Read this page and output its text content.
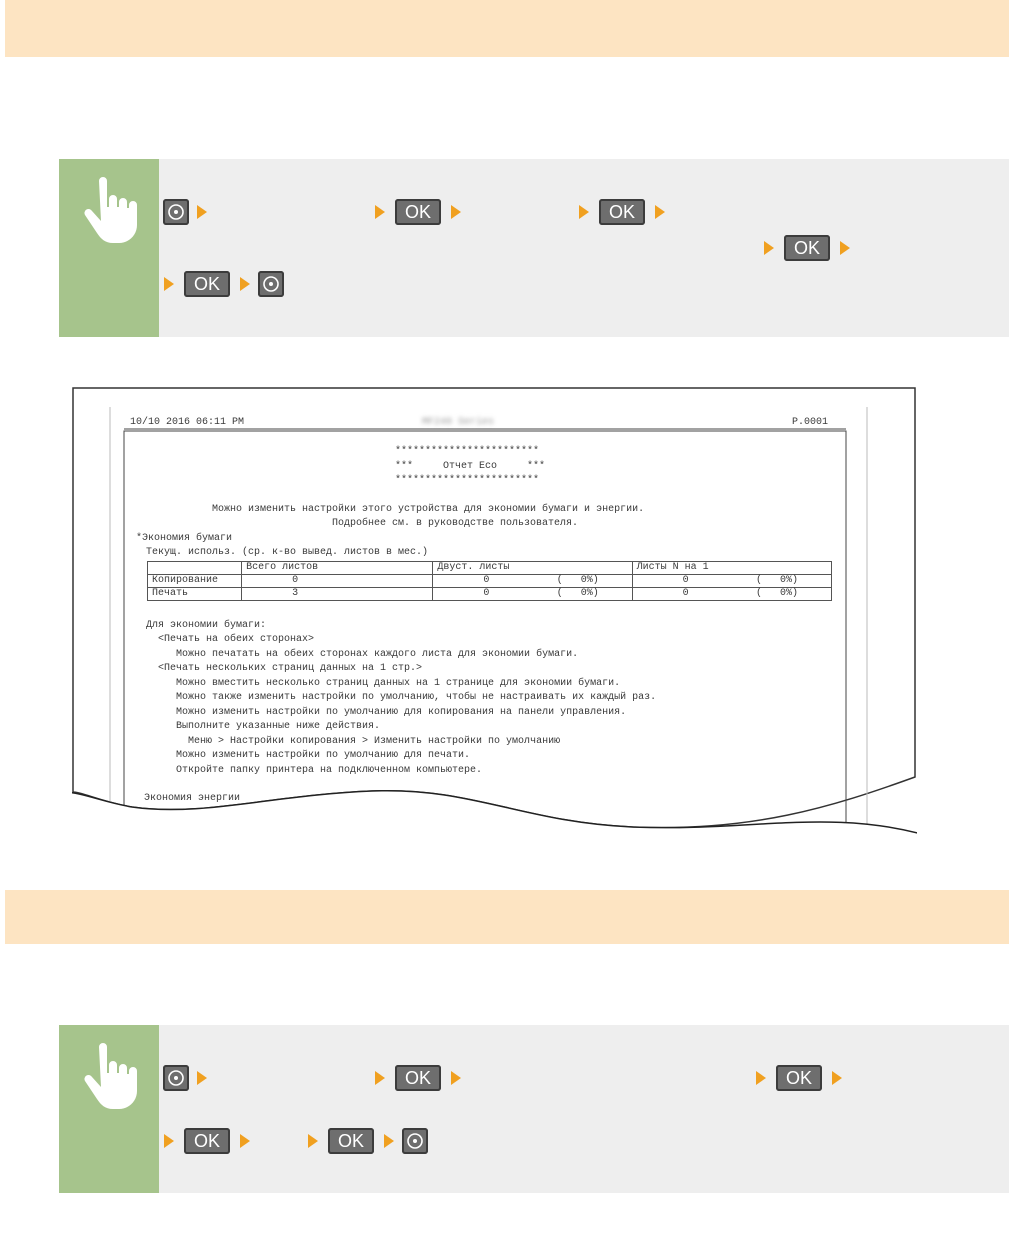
OK	OK
OK
OK
10/10 2016 06:11 PM	MF240 Series	P.0001
************************
***     Отчет Eco     ***
************************
Можно изменить настройки этого устройства для экономии бумаги и энергии.
Подробнее см. в руководстве пользователя.
*Экономия бумаги
Текущ. использ. (ср. к-во вывед. листов в мес.)
	Всего листов	Двуст. листы		Листы N на 1	
Копирование	0	0	(   0%)	0	(   0%)
Печать	3	0	(   0%)	0	(   0%)
Для экономии бумаги:
<Печать на обеих сторонах>
Можно печатать на обеих сторонах каждого листа для экономии бумаги.
<Печать нескольких страниц данных на 1 стр.>
Можно вместить несколько страниц данных на 1 странице для экономии бумаги.
Можно также изменить настройки по умолчанию, чтобы не настраивать их каждый раз.
Можно изменить настройки по умолчанию для копирования на панели управления.
Выполните указанные ниже действия.
Меню > Настройки копирования > Изменить настройки по умолчанию
Можно изменить настройки по умолчанию для печати.
Откройте папку принтера на подключенном компьютере.
Экономия энергии
OK	OK
OK	OK
